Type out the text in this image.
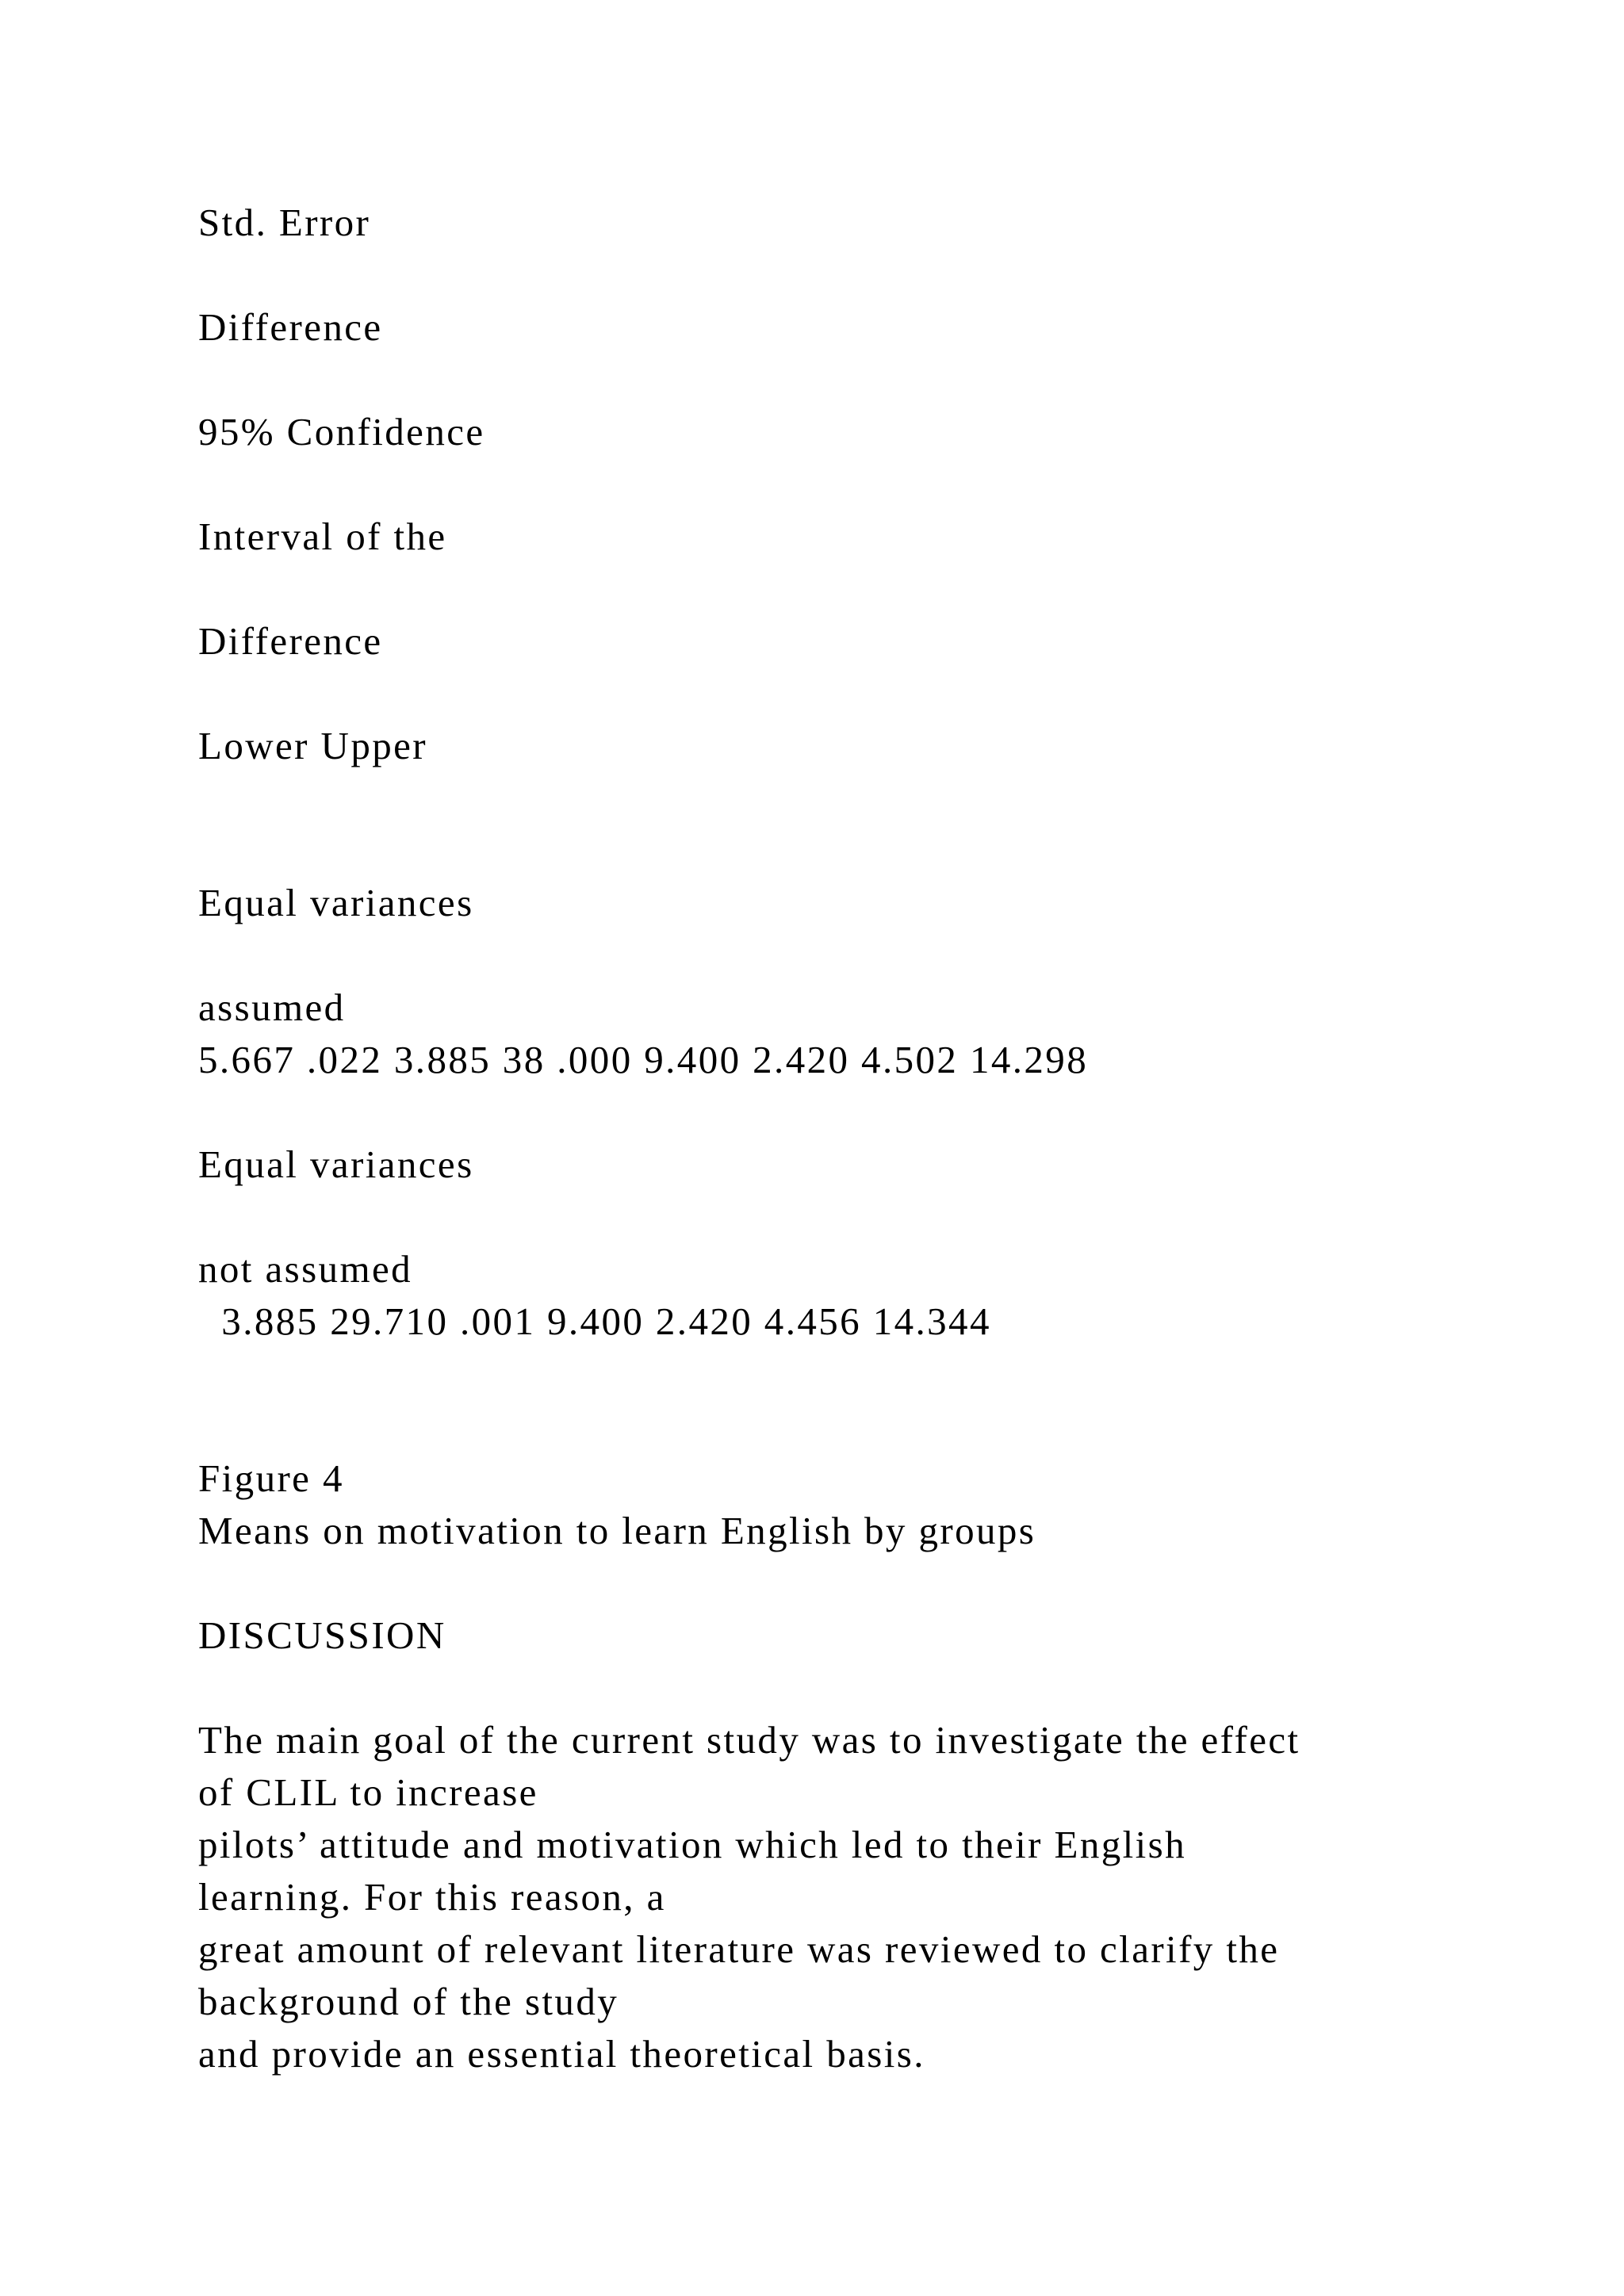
Std. Error

Difference

95% Confidence

Interval of the

Difference

Lower Upper

Equal variances

assumed

5.667 .022 3.885 38 .000 9.400 2.420 4.502 14.298

Equal variances

not assumed

3.885 29.710 .001 9.400 2.420 4.456 14.344

Figure 4

Means on motivation to learn English by groups

DISCUSSION

The main goal of the current study was to investigate the effect

of CLIL to increase

pilots’ attitude and motivation which led to their English

learning. For this reason, a

great amount of relevant literature was reviewed to clarify the

background of the study

and provide an essential theoretical basis.
